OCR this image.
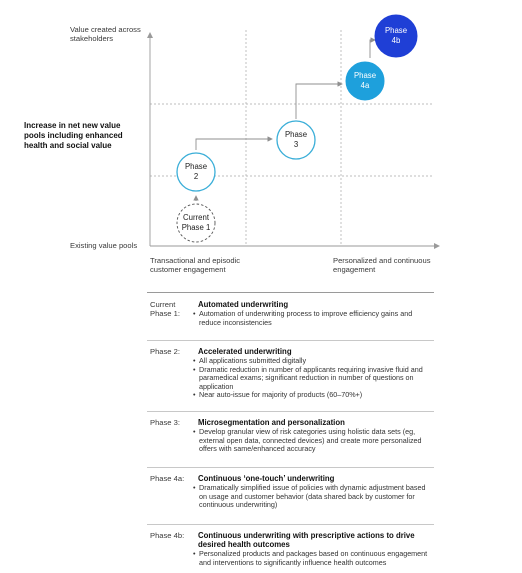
Value created across stakeholders
Existing value pools
Increase in net new value pools including enhanced health and social value
Transactional and episodic customer engagement
Personalized and continuous engagement
Current
Phase 1
Phase
2
Phase
3
Phase
4a
Phase
4b
Current Phase 1:
Automated underwriting
• Automation of underwriting process to improve efficiency gains and reduce inconsistencies
Phase 2:	Accelerated underwriting
• All applications submitted digitally
• Dramatic reduction in number of applicants requiring invasive fluid and paramedical exams; significant reduction in number of questions on application
• Near auto-issue for majority of products (60–70%+)
Phase 3:	Microsegmentation and personalization
• Develop granular view of risk categories using holistic data sets (eg, external open data, connected devices) and create more personalized offers with same/enhanced accuracy
Phase 4a:	Continuous ‘one-touch’ underwriting
• Dramatically simplified issue of policies with dynamic adjustment based on usage and customer behavior (data shared back by customer for continuous underwriting)
Phase 4b:	Continuous underwriting with prescriptive actions to drive desired health outcomes
• Personalized products and packages based on continuous engagement and interventions to significantly influence health outcomes
